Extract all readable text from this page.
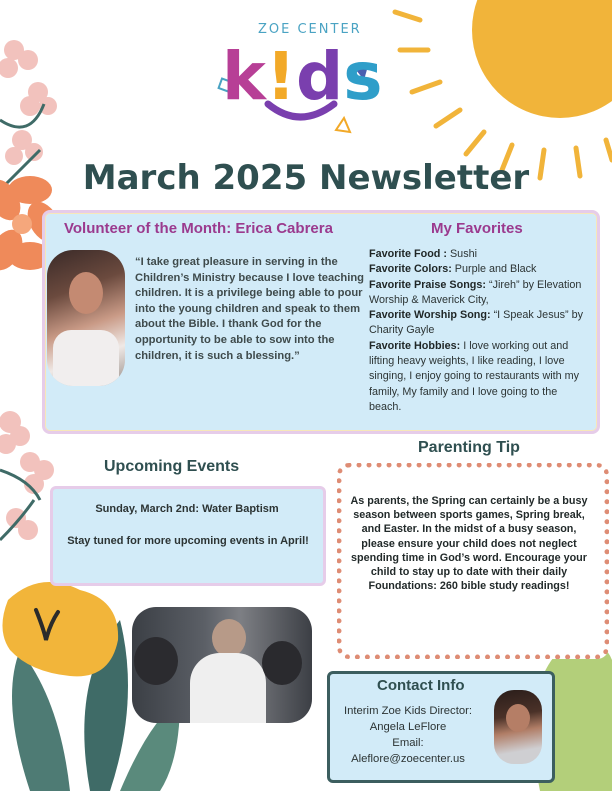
ZOE CENTER
k ! d s
March 2025 Newsletter
Volunteer of the Month: Erica Cabrera	My Favorites
“I take great pleasure in serving in the Children’s Ministry because I love teaching children. It is a privilege being able to pour into the young children and speak to them about the Bible. I thank God for the opportunity to be able to sow into the children, it is such a blessing.”
Favorite Food : Sushi
Favorite Colors: Purple and Black
Favorite Praise Songs: “Jireh” by Elevation Worship & Maverick City,
Favorite Worship Song: “I Speak Jesus” by Charity Gayle
Favorite Hobbies: I love working out and lifting heavy weights, I like reading, I love singing, I enjoy going to restaurants with my family, My family and I love going to the beach.
Upcoming Events
Sunday, March 2nd: Water Baptism
Stay tuned for more upcoming events in April!
Parenting Tip
As parents, the Spring can certainly be a busy season between sports games, Spring break, and Easter. In the midst of a busy season, please ensure your child does not neglect spending time in God’s word. Encourage your child to stay up to date with their daily Foundations: 260 bible study readings!
Contact Info
Interim Zoe Kids Director:
Angela LeFlore
Email:
Aleflore@zoecenter.us
